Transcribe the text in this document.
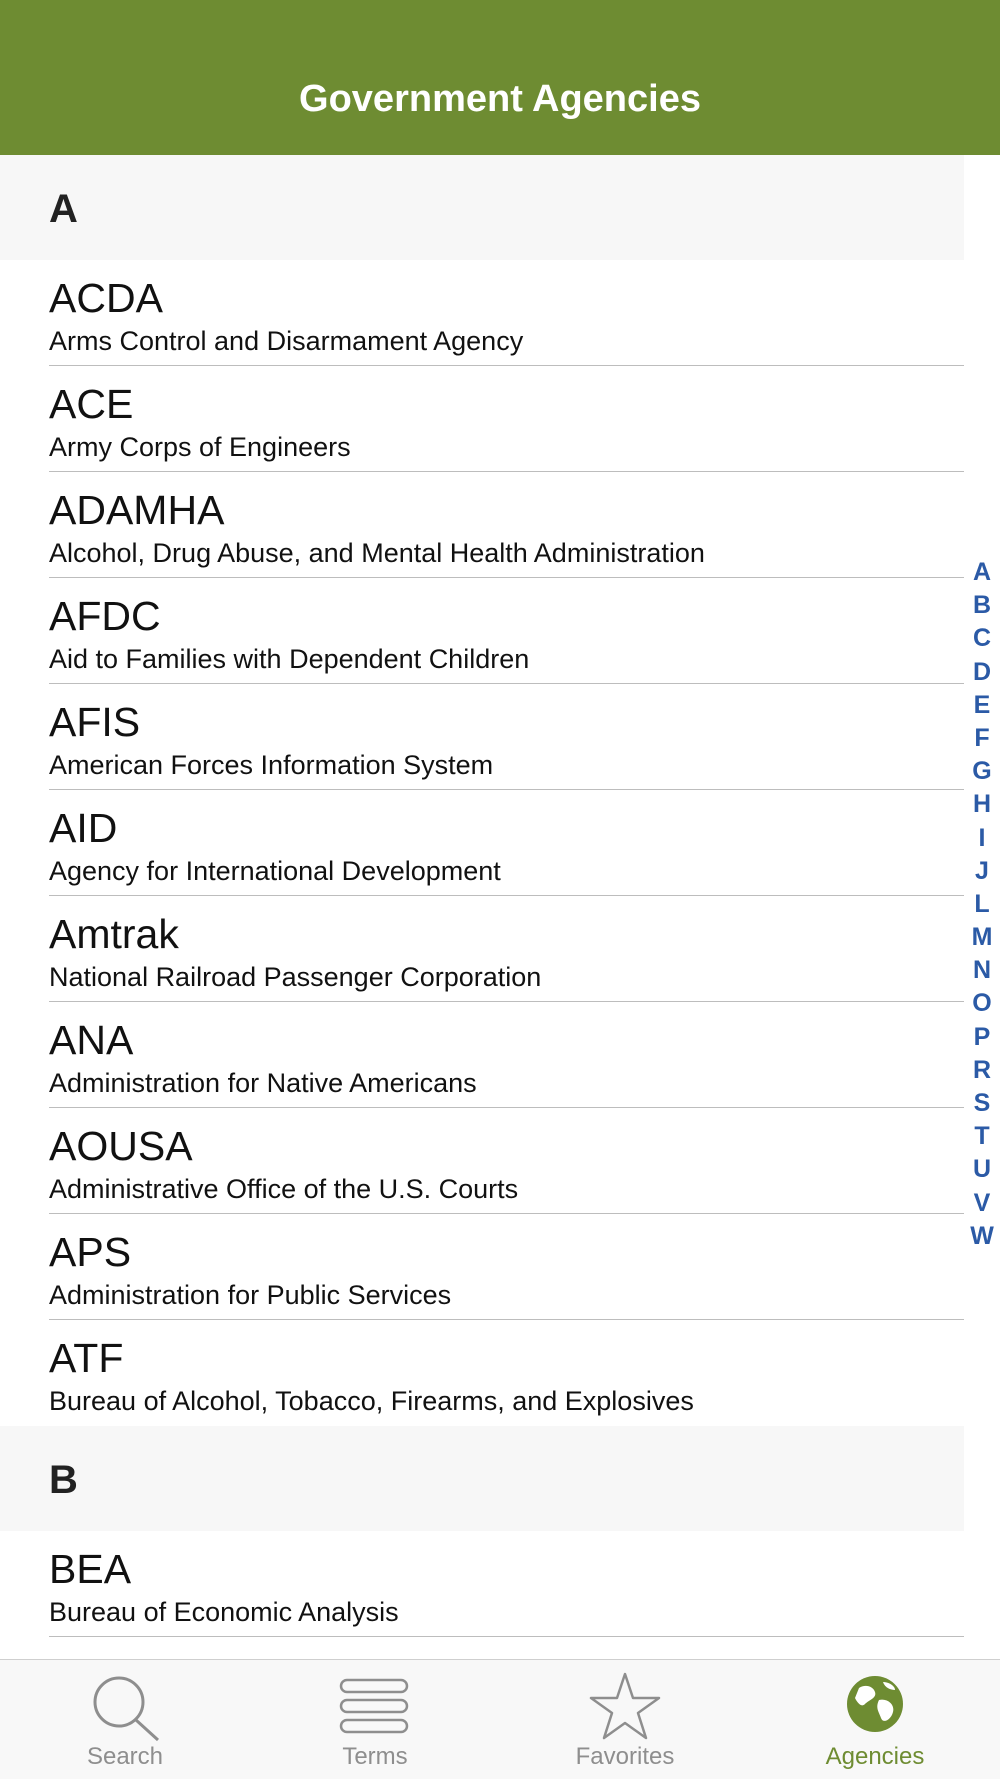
Government Agencies
A
ACDA
Arms Control and Disarmament Agency
ACE
Army Corps of Engineers
ADAMHA
Alcohol, Drug Abuse, and Mental Health Administration
AFDC
Aid to Families with Dependent Children
AFIS
American Forces Information System
AID
Agency for International Development
Amtrak
National Railroad Passenger Corporation
ANA
Administration for Native Americans
AOUSA
Administrative Office of the U.S. Courts
APS
Administration for Public Services
ATF
Bureau of Alcohol, Tobacco, Firearms, and Explosives
B
BEA
Bureau of Economic Analysis
A
B
C
D
E
F
G
H
I
J
L
M
N
O
P
R
S
T
U
V
W
Search	Terms	Favorites	Agencies
